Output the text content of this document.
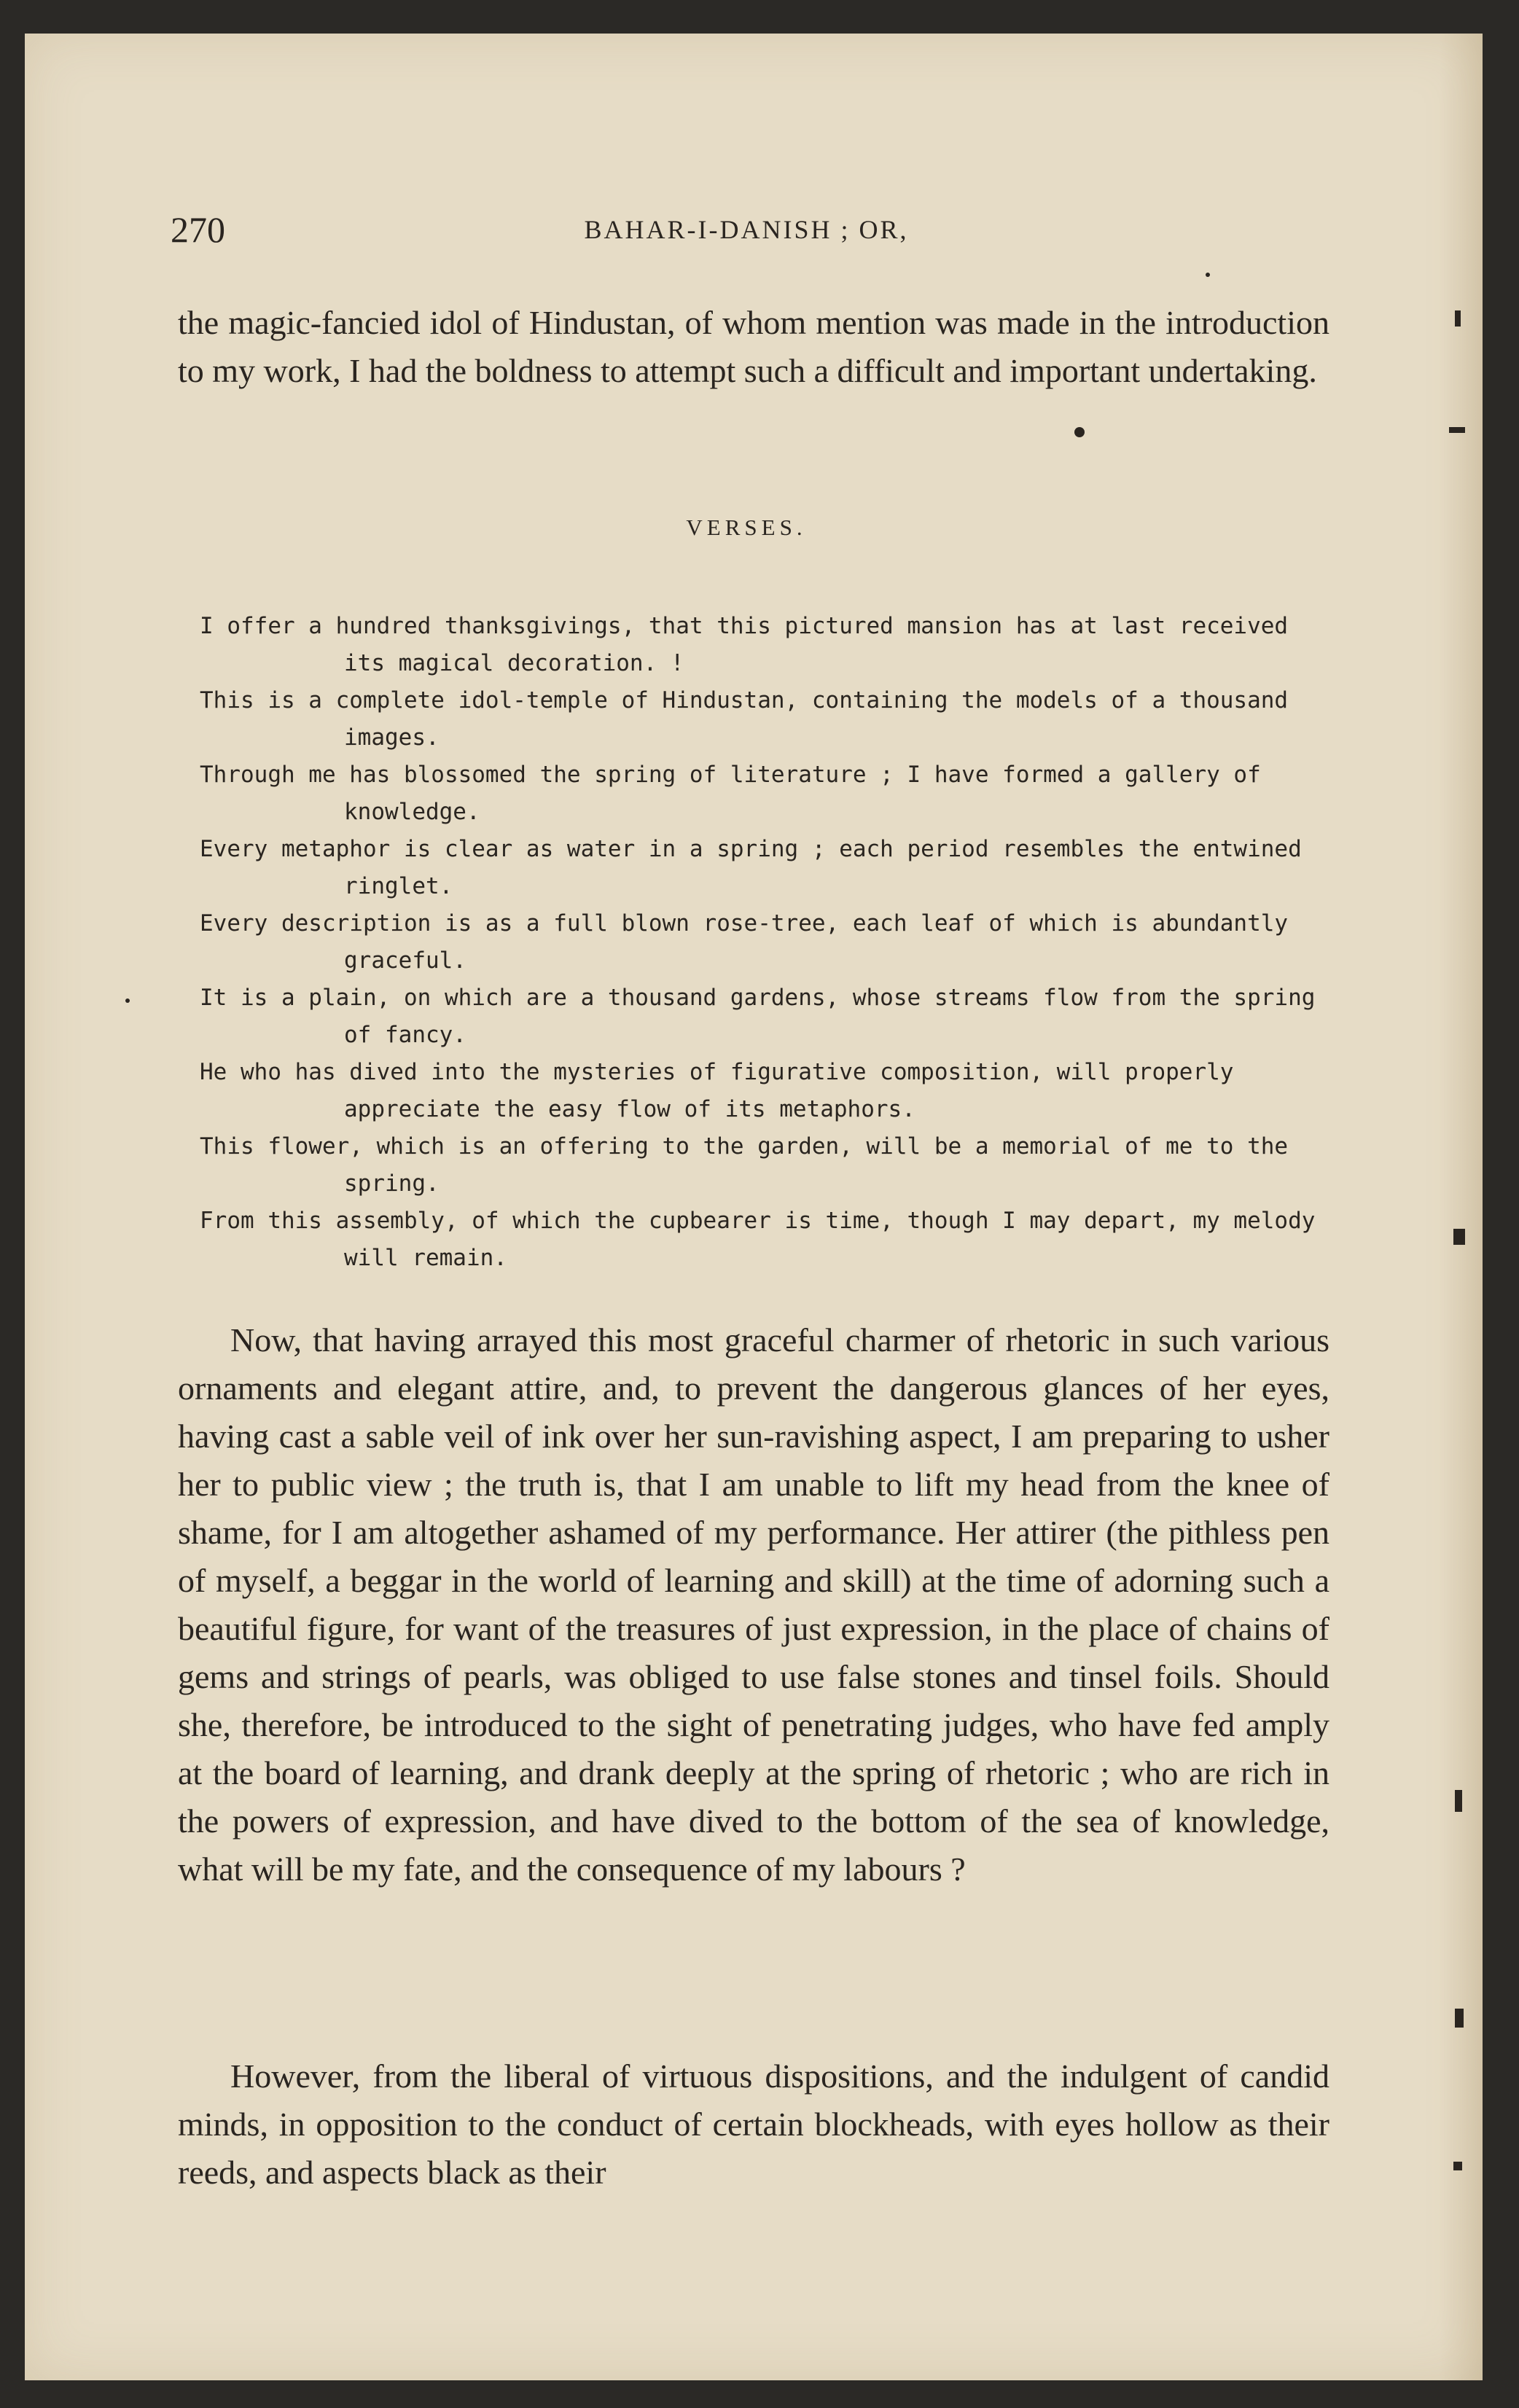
270	BAHAR-I-DANISH ; OR,

the magic-fancied idol of Hindustan, of whom mention was made in the introduction to my work, I had the boldness to attempt such a difficult and important undertaking.

VERSES.
I offer a hundred thanksgivings, that this pictured mansion has at last received its magical decoration. !
This is a complete idol-temple of Hindustan, containing the models of a thousand images.
Through me has blossomed the spring of literature ; I have formed a gallery of knowledge.
Every metaphor is clear as water in a spring ; each period resembles the entwined ringlet.
Every description is as a full blown rose-tree, each leaf of which is abundantly graceful.
It is a plain, on which are a thousand gardens, whose streams flow from the spring of fancy.
He who has dived into the mysteries of figurative composition, will properly appreciate the easy flow of its metaphors.
This flower, which is an offering to the garden, will be a memorial of me to the spring.
From this assembly, of which the cupbearer is time, though I may depart, my melody will remain.

Now, that having arrayed this most graceful charmer of rhetoric in such various ornaments and elegant attire, and, to prevent the dangerous glances of her eyes, having cast a sable veil of ink over her sun-ravishing aspect, I am preparing to usher her to public view ; the truth is, that I am unable to lift my head from the knee of shame, for I am altogether ashamed of my performance. Her attirer (the pithless pen of myself, a beggar in the world of learning and skill) at the time of adorning such a beautiful figure, for want of the treasures of just expression, in the place of chains of gems and strings of pearls, was obliged to use false stones and tinsel foils. Should she, therefore, be introduced to the sight of penetrating judges, who have fed amply at the board of learning, and drank deeply at the spring of rhetoric ; who are rich in the powers of expression, and have dived to the bottom of the sea of knowledge, what will be my fate, and the consequence of my labours ?

However, from the liberal of virtuous dispositions, and the indulgent of candid minds, in opposition to the conduct of certain blockheads, with eyes hollow as their reeds, and aspects black as their
